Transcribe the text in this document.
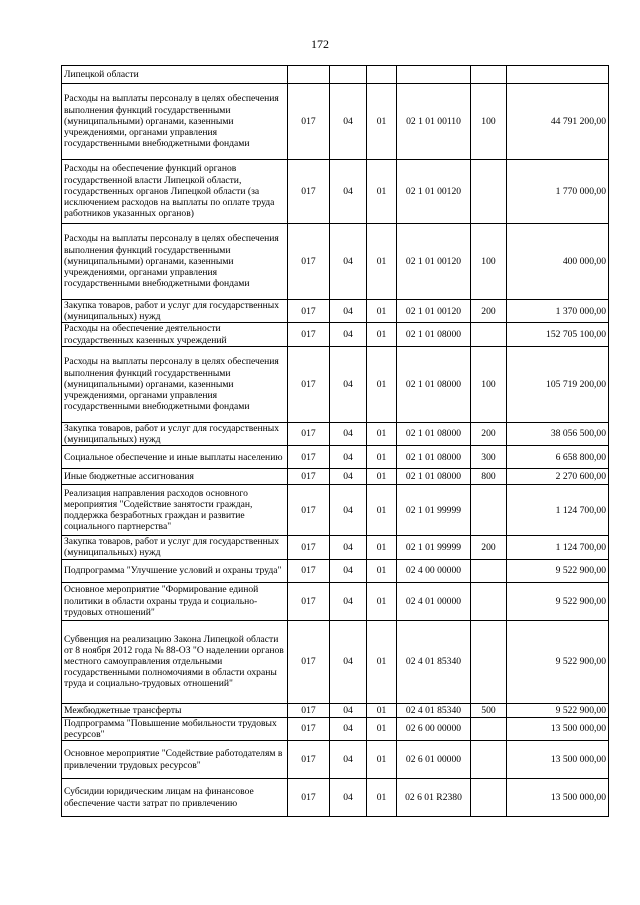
172
Липецкой области						
Расходы на выплаты персоналу в целях обеспечения выполнения функций государственными (муниципальными) органами, казенными учреждениями, органами управления государственными внебюджетными фондами	017	04	01	02 1 01 00110	100	44 791 200,00
Расходы на обеспечение функций органов государственной власти Липецкой области, государственных органов Липецкой области (за исключением расходов на выплаты по оплате труда работников указанных органов)	017	04	01	02 1 01 00120		1 770 000,00
Расходы на выплаты персоналу в целях обеспечения выполнения функций государственными (муниципальными) органами, казенными учреждениями, органами управления государственными внебюджетными фондами	017	04	01	02 1 01 00120	100	400 000,00
Закупка товаров, работ и услуг для государственных (муниципальных) нужд	017	04	01	02 1 01 00120	200	1 370 000,00
Расходы на обеспечение деятельности государственных казенных учреждений	017	04	01	02 1 01 08000		152 705 100,00
Расходы на выплаты персоналу в целях обеспечения выполнения функций государственными (муниципальными) органами, казенными учреждениями, органами управления государственными внебюджетными фондами	017	04	01	02 1 01 08000	100	105 719 200,00
Закупка товаров, работ и услуг для государственных (муниципальных) нужд	017	04	01	02 1 01 08000	200	38 056 500,00
Социальное обеспечение и иные выплаты населению	017	04	01	02 1 01 08000	300	6 658 800,00
Иные бюджетные ассигнования	017	04	01	02 1 01 08000	800	2 270 600,00
Реализация направления расходов основного мероприятия "Содействие занятости граждан, поддержка безработных граждан и развитие социального партнерства"	017	04	01	02 1 01 99999		1 124 700,00
Закупка товаров, работ и услуг для государственных (муниципальных) нужд	017	04	01	02 1 01 99999	200	1 124 700,00
Подпрограмма "Улучшение условий и охраны труда"	017	04	01	02 4 00 00000		9 522 900,00
Основное мероприятие "Формирование единой политики в области охраны труда и социально-трудовых отношений"	017	04	01	02 4 01 00000		9 522 900,00
Субвенция на реализацию Закона Липецкой области от 8 ноября 2012 года № 88-ОЗ "О наделении органов местного самоуправления отдельными государственными полномочиями в области охраны труда и социально-трудовых отношений"	017	04	01	02 4 01 85340		9 522 900,00
Межбюджетные трансферты	017	04	01	02 4 01 85340	500	9 522 900,00
Подпрограмма "Повышение мобильности трудовых ресурсов"	017	04	01	02 6 00 00000		13 500 000,00
Основное мероприятие "Содействие работодателям в привлечении трудовых ресурсов"	017	04	01	02 6 01 00000		13 500 000,00
Субсидии юридическим лицам на финансовое обеспечение части затрат по привлечению	017	04	01	02 6 01 R2380		13 500 000,00
